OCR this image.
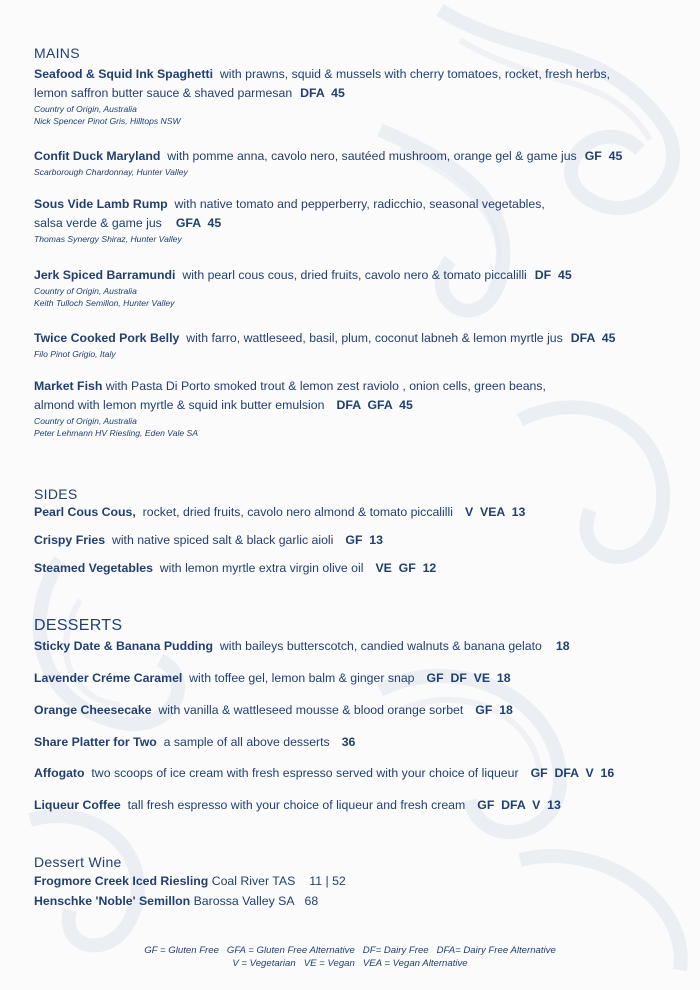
MAINS
Seafood & Squid Ink Spaghetti with prawns, squid & mussels with cherry tomatoes, rocket, fresh herbs,
lemon saffron butter sauce & shaved parmesan DFA  45
Country of Origin, Australia
Nick Spencer Pinot Gris, Hilltops NSW
Confit Duck Maryland with pomme anna, cavolo nero, sautéed mushroom, orange gel & game jus GF  45
Scarborough Chardonnay, Hunter Valley
Sous Vide Lamb Rump with native tomato and pepperberry, radicchio, seasonal vegetables,
salsa verde & game jus GFA  45
Thomas Synergy Shiraz, Hunter Valley
Jerk Spiced Barramundi with pearl cous cous, dried fruits, cavolo nero & tomato piccalilli DF  45
Country of Origin, Australia
Keith Tulloch Semillon, Hunter Valley
Twice Cooked Pork Belly with farro, wattleseed, basil, plum, coconut labneh & lemon myrtle jus DFA  45
Filo Pinot Grigio, Italy
Market Fish with Pasta Di Porto smoked trout & lemon zest raviolo , onion cells, green beans,
almond with lemon myrtle & squid ink butter emulsion DFA  GFA  45
Country of Origin, Australia
Peter Lehmann HV Riesling, Eden Vale SA
SIDES
Pearl Cous Cous, rocket, dried fruits, cavolo nero almond & tomato piccalilli V  VEA  13
Crispy Fries with native spiced salt & black garlic aioli GF  13
Steamed Vegetables with lemon myrtle extra virgin olive oil VE  GF  12
DESSERTS
Sticky Date & Banana Pudding with baileys butterscotch, candied walnuts & banana gelato 18
Lavender Créme Caramel with toffee gel, lemon balm & ginger snap GF  DF  VE  18
Orange Cheesecake with vanilla & wattleseed mousse & blood orange sorbet GF  18
Share Platter for Two a sample of all above desserts 36
Affogato two scoops of ice cream with fresh espresso served with your choice of liqueur GF  DFA  V  16
Liqueur Coffee tall fresh espresso with your choice of liqueur and fresh cream GF  DFA  V  13
Dessert Wine
Frogmore Creek Iced Riesling Coal River TAS 11 | 52
Henschke 'Noble' Semillon Barossa Valley SA 68
GF = Gluten Free   GFA = Gluten Free Alternative   DF= Dairy Free   DFA= Dairy Free Alternative
V = Vegetarian   VE = Vegan   VEA = Vegan Alternative
